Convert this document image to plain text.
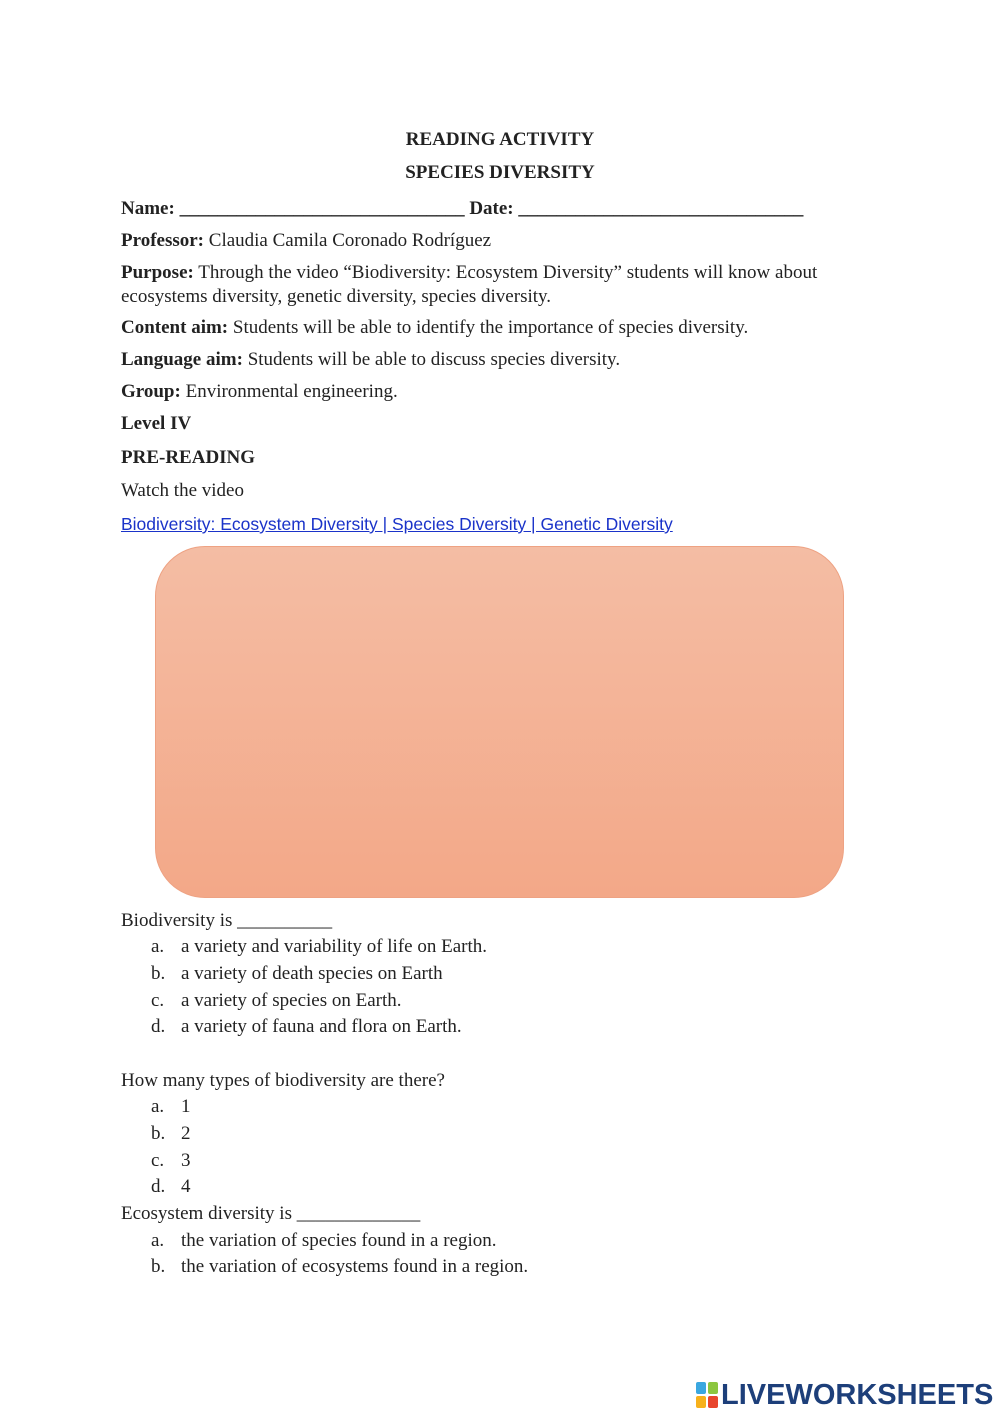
READING ACTIVITY
SPECIES DIVERSITY
Name: ______________________________ Date: ______________________________
Professor: Claudia Camila Coronado Rodríguez
Purpose: Through the video “Biodiversity: Ecosystem Diversity” students will know about
ecosystems diversity, genetic diversity, species diversity.
Content aim: Students will be able to identify the importance of species diversity.
Language aim: Students will be able to discuss species diversity.
Group: Environmental engineering.
Level IV
PRE-READING
Watch the video
Biodiversity: Ecosystem Diversity | Species Diversity | Genetic Diversity
Biodiversity is __________
a. a variety and variability of life on Earth.
b. a variety of death species on Earth
c. a variety of species on Earth.
d. a variety of fauna and flora on Earth.
How many types of biodiversity are there?
a. 1
b. 2
c. 3
d. 4
Ecosystem diversity is _____________
a. the variation of species found in a region.
b. the variation of ecosystems found in a region.
LIVEWORKSHEETS
